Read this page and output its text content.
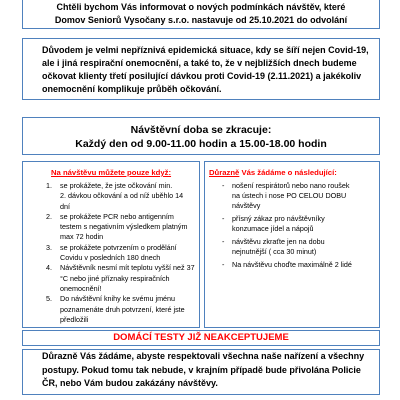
Chtěli bychom Vás informovat o nových podmínkách návštěv, které
Domov Seniorů Vysočany s.r.o. nastavuje od 25.10.2021 do odvolání
Důvodem je velmi nepříznivá epidemická situace, kdy se šíří nejen Covid-19,
ale i jiná respirační onemocnění, a také to, že v nejbližších dnech budeme
očkovat klienty třetí posilující dávkou proti Covid-19 (2.11.2021) a jakékoliv
onemocnění komplikuje průběh očkování.
Návštěvní doba se zkracuje:
Každý den od 9.00-11.00 hodin a 15.00-18.00 hodin
Na návštěvu můžete pouze když:
1.	se prokážete, že jste očkování min.
2. dávkou očkování a od níž uběhlo 14
dní
2.	se prokážete PCR nebo antigenním
testem s negativním výsledkem platným
max 72 hodin
3.	se prokážete potvrzením o prodělání
Covidu v posledních 180 dnech
4.	Návštěvník nesmí mít teplotu vyšší než 37
°C nebo jiné příznaky respiračních
onemocnění!
5.	Do návštěvní knihy ke svému jménu
poznamenáte druh potvrzení, které jste
předložili
Důrazně Vás žádáme o následující:
- nošení respirátorů nebo nano roušek
na ústech i nose PO CELOU DOBU
návštěvy
- přísný zákaz pro návštěvníky
konzumace jídel a nápojů
- návštěvu zkraťte jen na dobu
nejnutnější ( cca 30 minut)
- Na návštěvu choďte maximálně 2 lidé
DOMÁCÍ TESTY JIŽ NEAKCEPTUJEME
Důrazně Vás žádáme, abyste respektovali všechna naše nařízení a všechny
postupy. Pokud tomu tak nebude, v krajním případě bude přivolána Policie
ČR, nebo Vám budou zakázány návštěvy.
